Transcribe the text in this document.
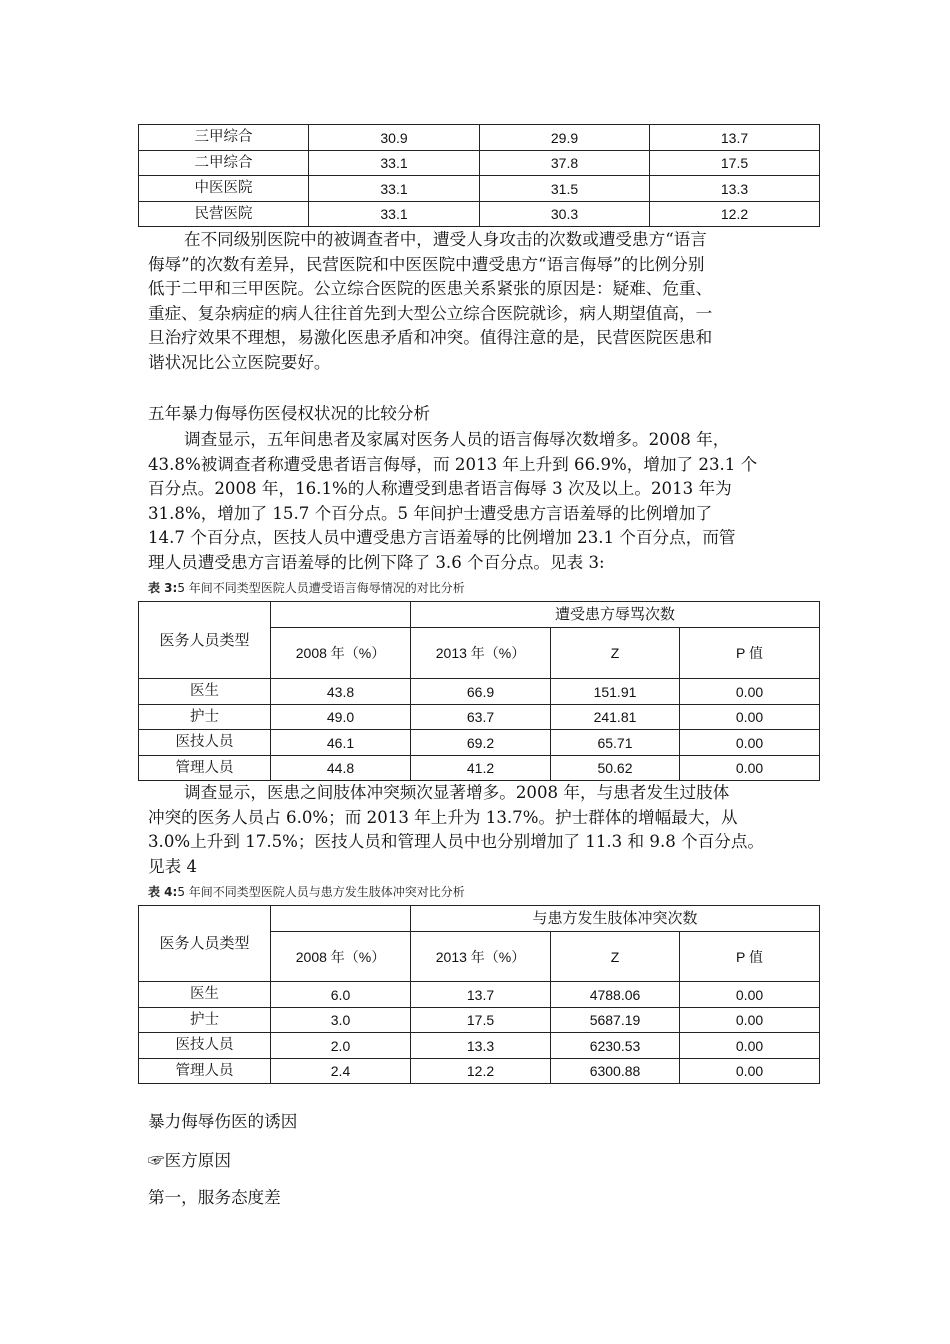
三甲综合	30.9	29.9	13.7
二甲综合	33.1	37.8	17.5
中医医院	33.1	31.5	13.3
民营医院	33.1	30.3	12.2
在不同级别医院中的被调查者中，遭受人身攻击的次数或遭受患方“语言
侮辱”的次数有差异，民营医院和中医医院中遭受患方“语言侮辱”的比例分别
低于二甲和三甲医院。公立综合医院的医患关系紧张的原因是：疑难、危重、
重症、复杂病症的病人往往首先到大型公立综合医院就诊，病人期望值高，一
旦治疗效果不理想，易激化医患矛盾和冲突。值得注意的是，民营医院医患和
谐状况比公立医院要好。
五年暴力侮辱伤医侵权状况的比较分析
调查显示，五年间患者及家属对医务人员的语言侮辱次数增多。2008 年，
43.8%被调查者称遭受患者语言侮辱，而 2013 年上升到 66.9%，增加了 23.1 个
百分点。2008 年，16.1%的人称遭受到患者语言侮辱 3 次及以上。2013 年为
31.8%，增加了 15.7 个百分点。5 年间护士遭受患方言语羞辱的比例增加了
14.7 个百分点，医技人员中遭受患方言语羞辱的比例增加 23.1 个百分点，而管
理人员遭受患方言语羞辱的比例下降了 3.6 个百分点。见表 3:
表 3:5 年间不同类型医院人员遭受语言侮辱情况的对比分析
医务人员类型		遭受患方辱骂次数		
	2008 年（%）	2013 年（%）	Z	P 值
医生	43.8	66.9	151.91	0.00
护士	49.0	63.7	241.81	0.00
医技人员	46.1	69.2	65.71	0.00
管理人员	44.8	41.2	50.62	0.00
调查显示，医患之间肢体冲突频次显著增多。2008 年，与患者发生过肢体
冲突的医务人员占 6.0%；而 2013 年上升为 13.7%。护士群体的增幅最大，从
3.0%上升到 17.5%；医技人员和管理人员中也分别增加了 11.3 和 9.8 个百分点。
见表 4
表 4:5 年间不同类型医院人员与患方发生肢体冲突对比分析
医务人员类型		与患方发生肢体冲突次数		
	2008 年（%）	2013 年（%）	Z	P 值
医生	6.0	13.7	4788.06	0.00
护士	3.0	17.5	5687.19	0.00
医技人员	2.0	13.3	6230.53	0.00
管理人员	2.4	12.2	6300.88	0.00
暴力侮辱伤医的诱因
☞医方原因
第一，服务态度差
